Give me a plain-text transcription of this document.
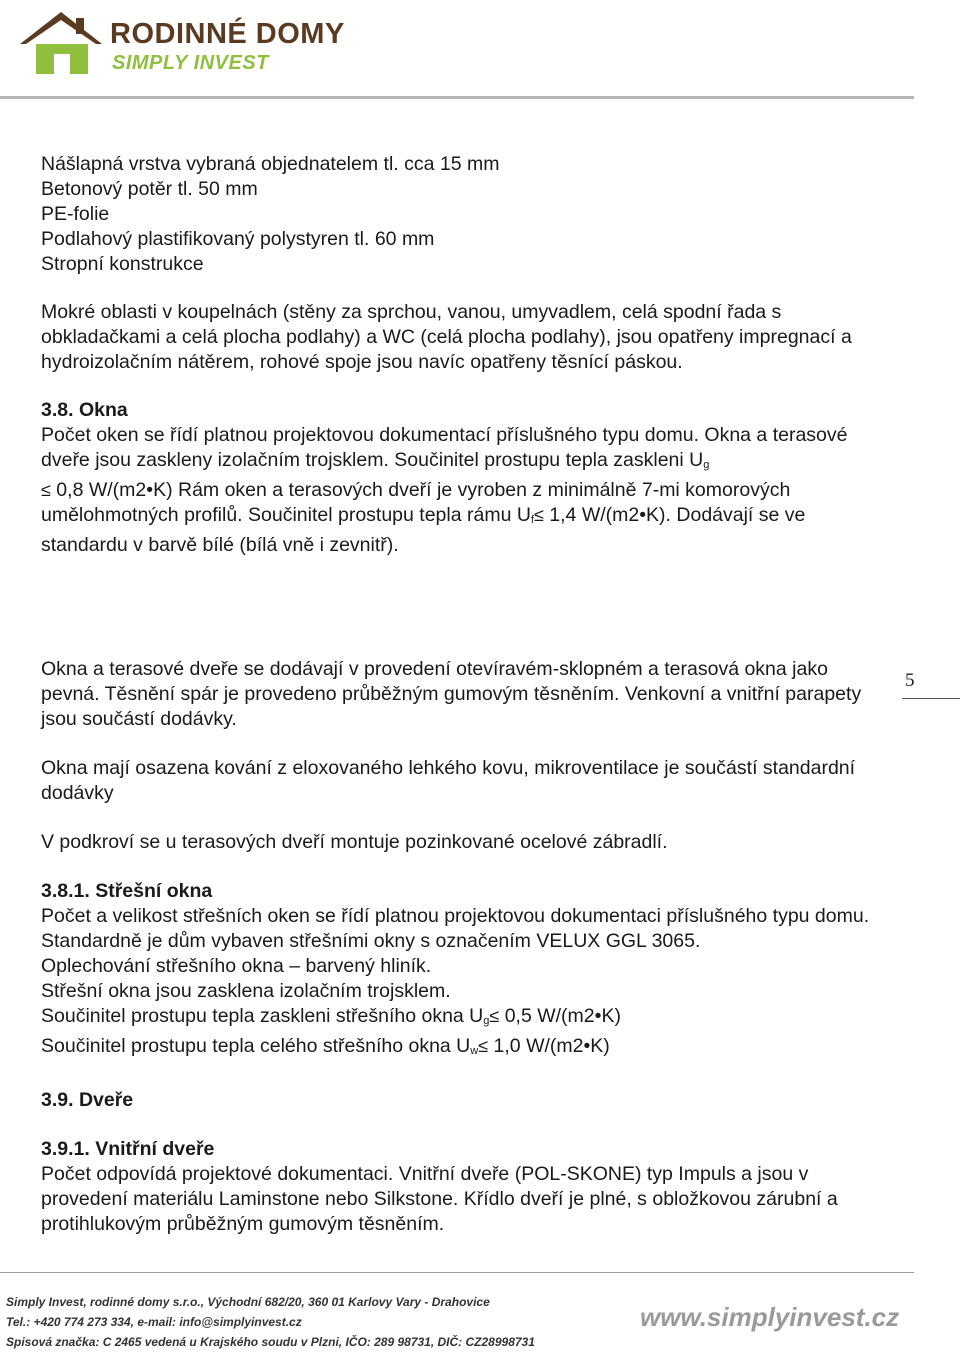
RODINNÉ DOMY
SIMPLY INVEST
Nášlapná vrstva vybraná objednatelem tl. cca 15 mm
Betonový potěr tl. 50 mm
PE-folie
Podlahový plastifikovaný polystyren tl. 60 mm
Stropní konstrukce

Mokré oblasti v koupelnách (stěny za sprchou, vanou, umyvadlem, celá spodní řada s obkladačkami a celá plocha podlahy) a WC (celá plocha podlahy), jsou opatřeny impregnací a hydroizolačním nátěrem, rohové spoje jsou navíc opatřeny těsnící páskou.

3.8. Okna

Počet oken se řídí platnou projektovou dokumentací příslušného typu domu. Okna a terasové dveře jsou zaskleny izolačním trojsklem. Součinitel prostupu tepla zaskleni Ug
≤ 0,8 W/(m2•K) Rám oken a terasových dveří je vyroben z minimálně 7-mi komorových umělohmotných profilů. Součinitel prostupu tepla rámu Uf≤ 1,4 W/(m2•K). Dodávají se ve standardu v barvě bílé (bílá vně i zevnitř).

Okna a terasové dveře se dodávají v provedení otevíravém-sklopném a terasová okna jako pevná. Těsnění spár je provedeno průběžným gumovým těsněním. Venkovní a vnitřní parapety jsou součástí dodávky.

Okna mají osazena kování z eloxovaného lehkého kovu, mikroventilace je součástí standardní dodávky

V podkroví se u terasových dveří montuje pozinkované ocelové zábradlí.

3.8.1. Střešní okna

Počet a velikost střešních oken se řídí platnou projektovou dokumentaci příslušného typu domu. Standardně je dům vybaven střešními okny s označením VELUX GGL 3065.

Oplechování střešního okna – barvený hliník.
Střešní okna jsou zasklena izolačním trojsklem.
Součinitel prostupu tepla zaskleni střešního okna Ug≤ 0,5 W/(m2•K)
Součinitel prostupu tepla celého střešního okna Uw≤ 1,0 W/(m2•K)
3.9. Dveře
3.9.1. Vnitřní dveře

Počet odpovídá projektové dokumentaci. Vnitřní dveře (POL-SKONE) typ Impuls a jsou v provedení materiálu Laminstone nebo Silkstone. Křídlo dveří je plné, s obložkovou zárubní a protihlukovým průběžným gumovým těsněním.

5
Simply Invest, rodinné domy s.r.o., Východní 682/20, 360 01 Karlovy Vary - Drahovice
Tel.: +420 774 273 334, e-mail: info@simplyinvest.cz
Spisová značka: C 2465 vedená u Krajského soudu v Plzni, IČO: 289 98731, DIČ: CZ28998731
www.simplyinvest.cz
